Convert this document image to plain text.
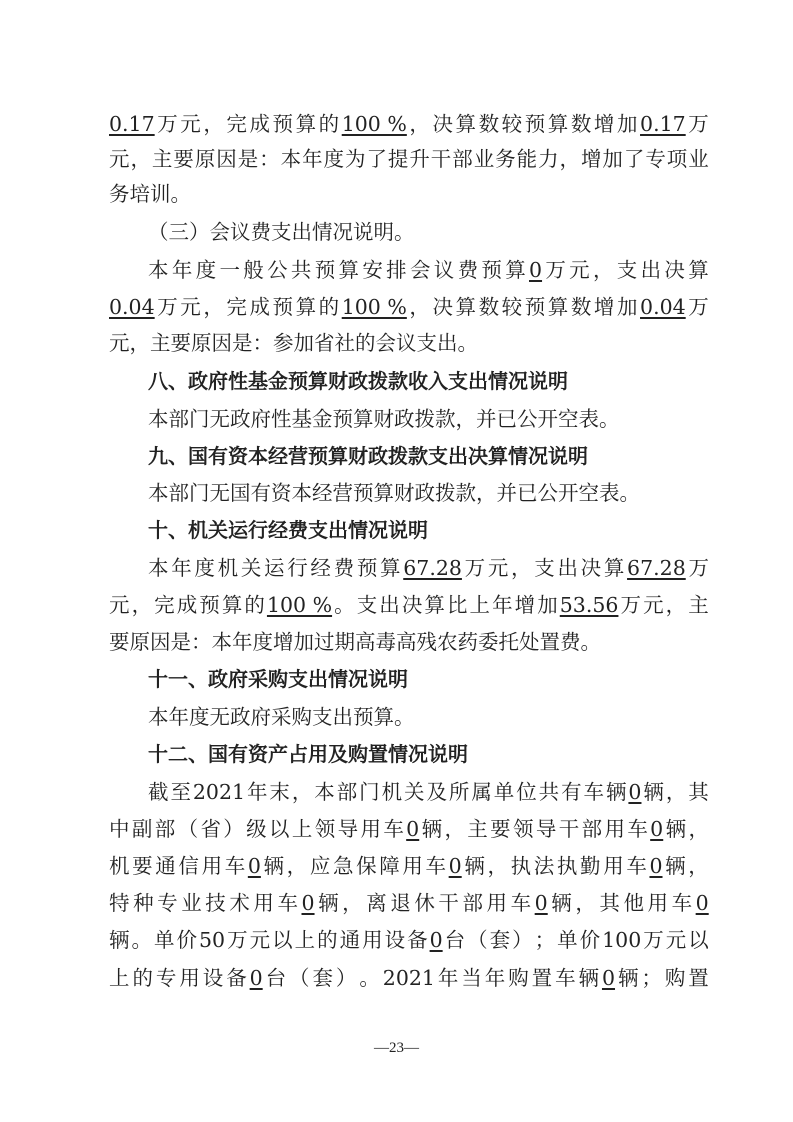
0.17 万 元 ， 完 成 预 算 的 100 % ， 决 算 数 较 预 算 数 增 加 0.17 万
元 ， 主 要 原 因 是 ： 本 年 度 为 了 提 升 干 部 业 务 能 力 ， 增 加 了 专 项 业
务培训。
（三）会议费支出情况说明。
本 年 度 一 般 公 共 预 算 安 排 会 议 费 预 算 0 万 元 ， 支 出 决 算
0.04 万 元 ， 完 成 预 算 的 100 % ， 决 算 数 较 预 算 数 增 加 0.04 万
元，主要原因是：参加省社的会议支出。
八、政府性基金预算财政拨款收入支出情况说明
本部门无政府性基金预算财政拨款，并已公开空表。
九、国有资本经营预算财政拨款支出决算情况说明
本部门无国有资本经营预算财政拨款，并已公开空表。
十、机关运行经费支出情况说明
本 年 度 机 关 运 行 经 费 预 算 67.28 万 元 ， 支 出 决 算 67.28 万
元 ， 完 成 预 算 的 100 % 。 支 出 决 算 比 上 年 增 加 53.56 万 元 ， 主
要原因是：本年度增加过期高毒高残农药委托处置费。
十一、政府采购支出情况说明
本年度无政府采购支出预算。
十二、国有资产占用及购置情况说明
截 至 2021 年 末 ， 本 部 门 机 关 及 所 属 单 位 共 有 车 辆 0 辆 ， 其
中 副 部 （ 省 ） 级 以 上 领 导 用 车 0 辆 ， 主 要 领 导 干 部 用 车 0 辆 ，
机 要 通 信 用 车 0 辆 ， 应 急 保 障 用 车 0 辆 ， 执 法 执 勤 用 车 0 辆 ，
特 种 专 业 技 术 用 车 0 辆 ， 离 退 休 干 部 用 车 0 辆 ， 其 他 用 车 0
辆 。 单 价 50 万 元 以 上 的 通 用 设 备 0 台 （ 套 ） ； 单 价 100 万 元 以
上 的 专 用 设 备 0 台 （ 套 ） 。 2021 年 当 年 购 置 车 辆 0 辆 ； 购 置
—23—
